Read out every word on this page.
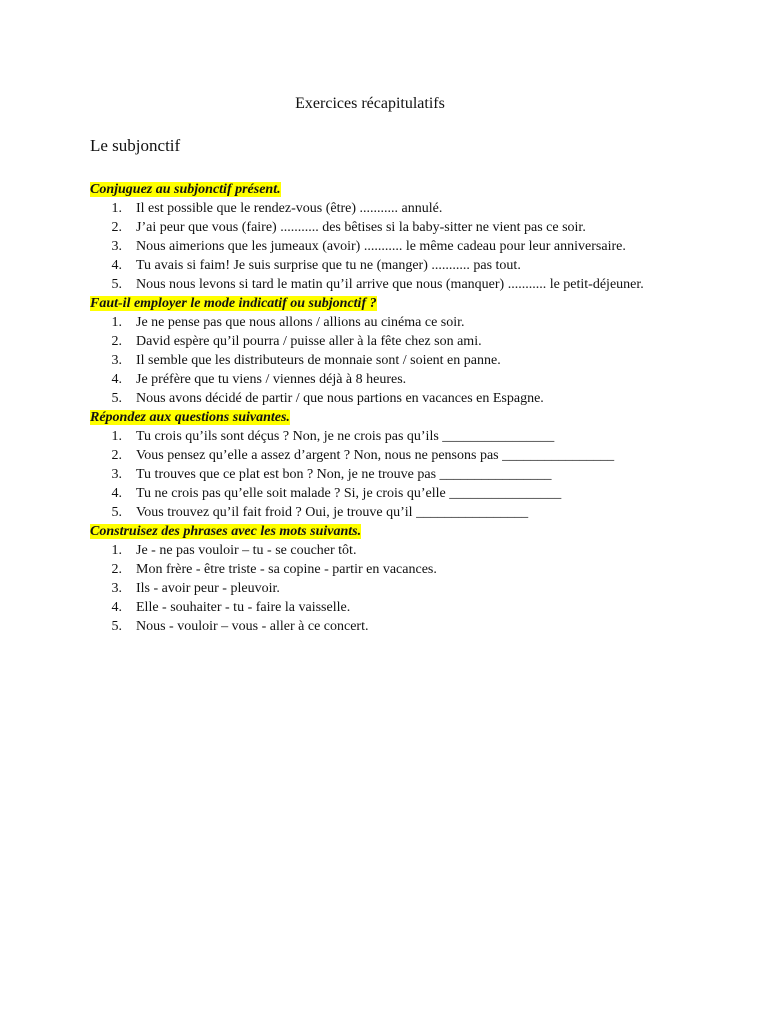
Exercices récapitulatifs
Le subjonctif
Conjuguez au subjonctif présent.
1. Il est possible que le rendez-vous (être) ........... annulé.
2. J’ai peur que vous (faire) ........... des bêtises si la baby-sitter ne vient pas ce soir.
3. Nous aimerions que les jumeaux (avoir) ........... le même cadeau pour leur anniversaire.
4. Tu avais si faim! Je suis surprise que tu ne (manger) ........... pas tout.
5. Nous nous levons si tard le matin qu’il arrive que nous (manquer) ........... le petit-déjeuner.
Faut-il employer le mode indicatif ou subjonctif ?
1. Je ne pense pas que nous allons / allions au cinéma ce soir.
2. David espère qu’il pourra / puisse aller à la fête chez son ami.
3. Il semble que les distributeurs de monnaie sont / soient en panne.
4. Je préfère que tu viens / viennes déjà à 8 heures.
5. Nous avons décidé de partir / que nous partions en vacances en Espagne.
Répondez aux questions suivantes.
1. Tu crois qu’ils sont déçus ? Non, je ne crois pas qu’ils ________________
2. Vous pensez qu’elle a assez d’argent ? Non, nous ne pensons pas ________________
3. Tu trouves que ce plat est bon ? Non, je ne trouve pas ________________
4. Tu ne crois pas qu’elle soit malade ? Si, je crois qu’elle ________________
5. Vous trouvez qu’il fait froid ? Oui, je trouve qu’il ________________
Construisez des phrases avec les mots suivants.
1. Je - ne pas vouloir – tu - se coucher tôt.
2. Mon frère - être triste - sa copine - partir en vacances.
3. Ils - avoir peur - pleuvoir.
4. Elle - souhaiter - tu - faire la vaisselle.
5. Nous - vouloir – vous - aller à ce concert.
